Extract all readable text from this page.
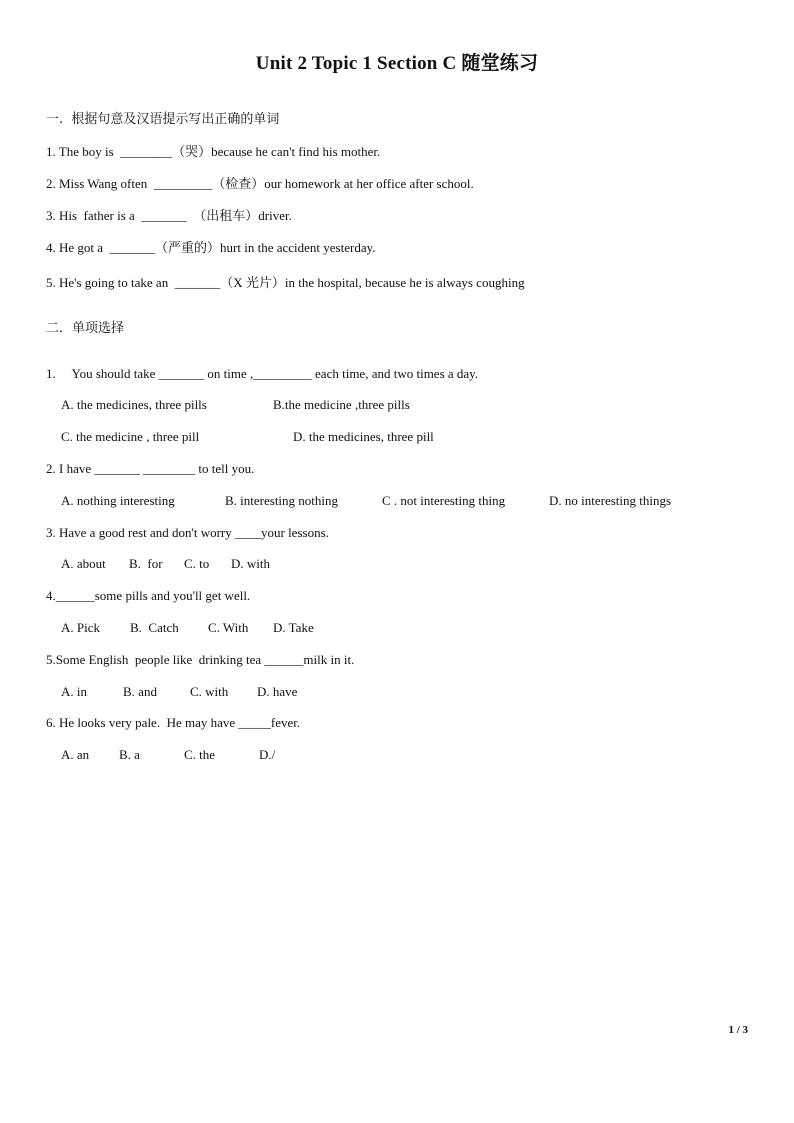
Unit 2 Topic 1 Section C 随堂练习
一.  根据句意及汉语提示写出正确的单词
1. The boy is  ________（哭）because he can't find his mother.
2. Miss Wang often  _________（检查）our homework at her office after school.
3. His  father is a  _______  （出租车）driver.
4. He got a  _______（严重的）hurt in the accident yesterday.
5. He's going to take an  _______（X 光片）in the hospital, because he is always coughing
二．单项选择
1.     You should take _______ on time ,_________ each time, and two times a day.
A. the medicines, three pills	B.the medicine ,three pills
C. the medicine , three pill	D. the medicines, three pill
2. I have _______ ________ to tell you.
A. nothing interesting	B. interesting nothing	C . not interesting thing	D. no interesting things
3. Have a good rest and don't worry ____your lessons.
A. about B.  for C. to D. with
4.______some pills and you'll get well.
A. Pick B.  Catch C. With D. Take
5.Some English  people like  drinking tea ______milk in it.
A. in	B. and	C. with D. have
6. He looks very pale.  He may have _____fever.
A. an B. a	C. the	D./
1 / 3
